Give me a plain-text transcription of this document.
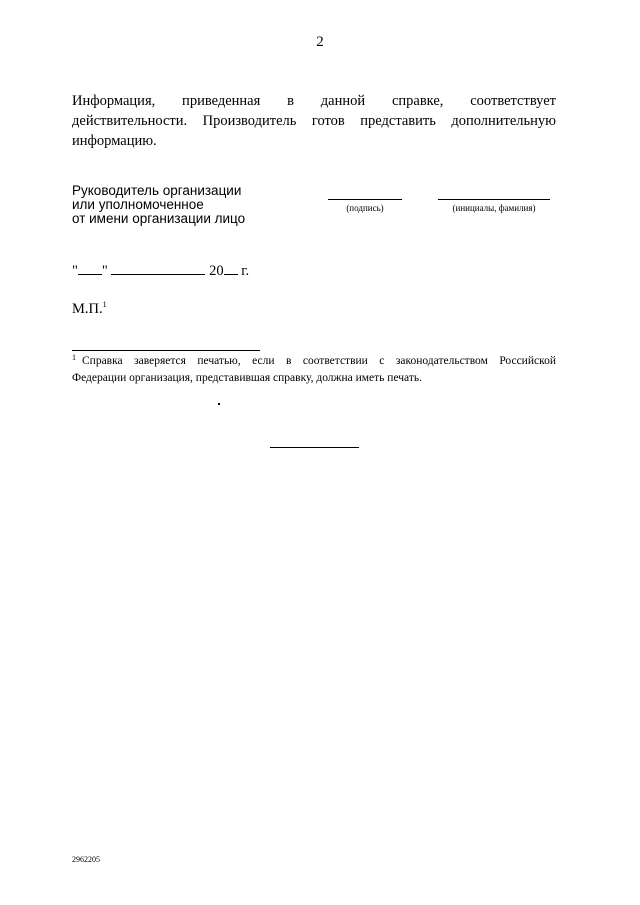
2
Информация, приведенная в данной справке, соответствует
действительности. Производитель готов представить дополнительную
информацию.
Руководитель организации
или уполномоченное
от имени организации лицо
(подпись)	(инициалы, фамилия)
" "	20 г.
М.П.$^1$
$^1$ Справка заверяется печатью, если в соответствии с законодательством Российской
Федерации организация, представившая справку, должна иметь печать.
2962205
